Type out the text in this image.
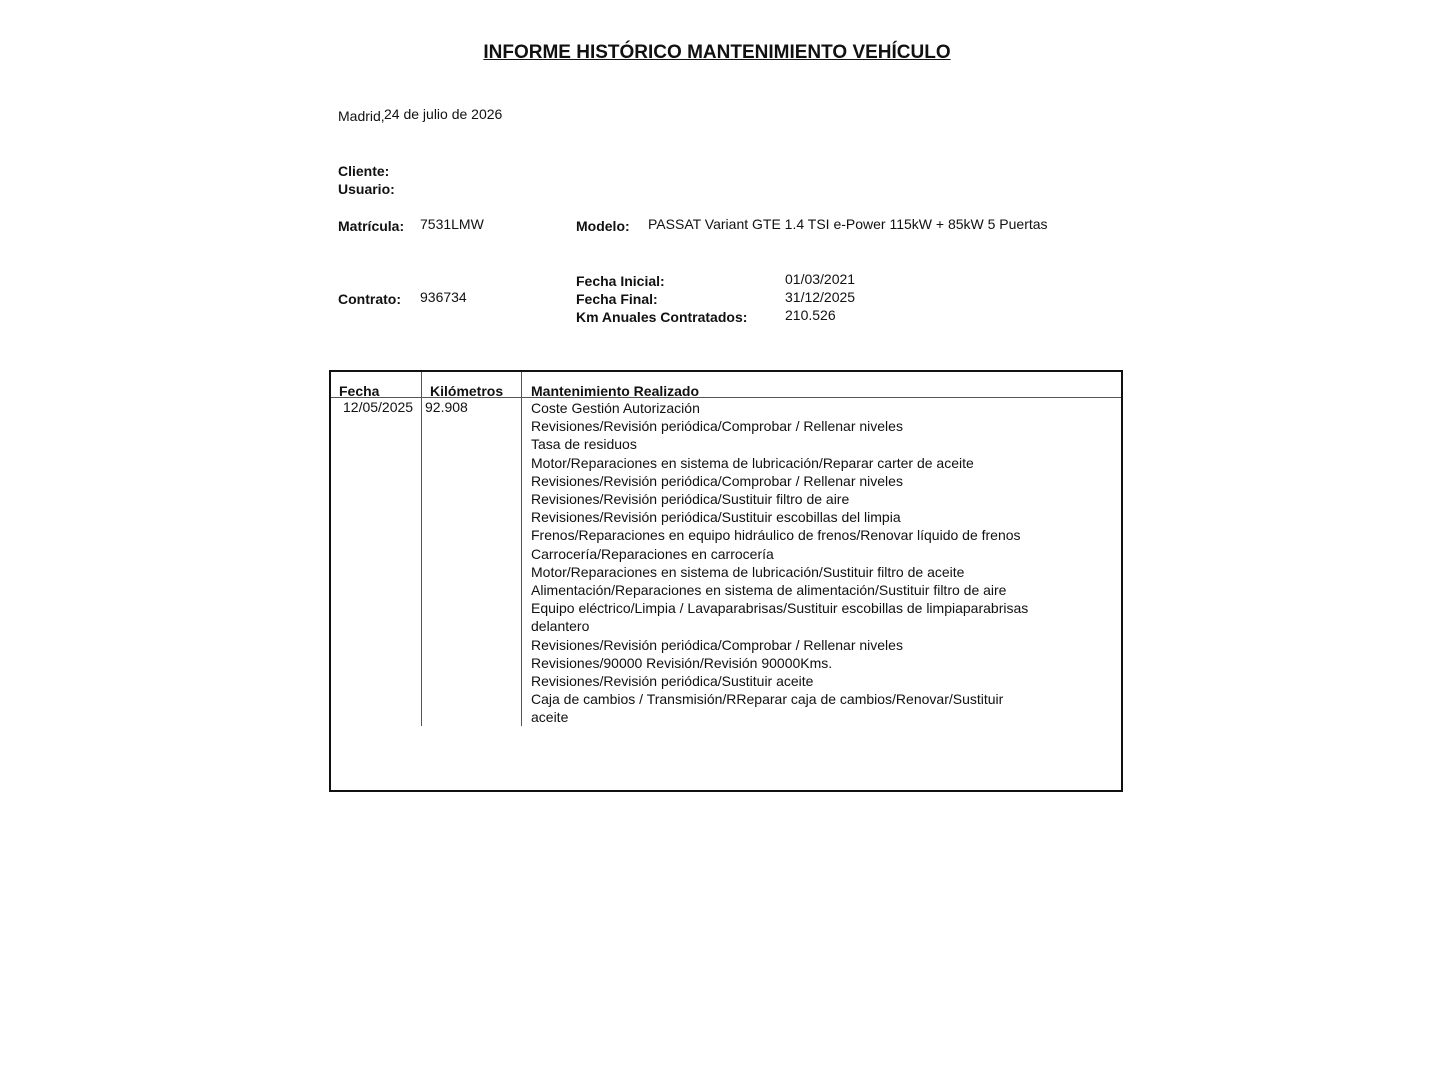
INFORME HISTÓRICO MANTENIMIENTO VEHÍCULO
Madrid, 24 de julio de 2026
Cliente:
Usuario:
Matrícula: 7531LMW	Modelo: PASSAT Variant GTE 1.4 TSI e-Power 115kW + 85kW 5 Puertas
Contrato: 936734
Fecha Inicial:	01/03/2021
Fecha Final:	31/12/2025
Km Anuales Contratados:	210.526
Fecha	Kilómetros Mantenimiento Realizado
12/05/2025 92.908	Coste Gestión Autorización
Revisiones/Revisión periódica/Comprobar / Rellenar niveles
Tasa de residuos
Motor/Reparaciones en sistema de lubricación/Reparar carter de aceite
Revisiones/Revisión periódica/Comprobar / Rellenar niveles
Revisiones/Revisión periódica/Sustituir filtro de aire
Revisiones/Revisión periódica/Sustituir escobillas del limpia
Frenos/Reparaciones en equipo hidráulico de frenos/Renovar líquido de frenos
Carrocería/Reparaciones en carrocería
Motor/Reparaciones en sistema de lubricación/Sustituir filtro de aceite
Alimentación/Reparaciones en sistema de alimentación/Sustituir filtro de aire
Equipo eléctrico/Limpia / Lavaparabrisas/Sustituir escobillas de limpiaparabrisas delantero
Revisiones/Revisión periódica/Comprobar / Rellenar niveles
Revisiones/90000 Revisión/Revisión 90000Kms.
Revisiones/Revisión periódica/Sustituir aceite
Caja de cambios / Transmisión/RReparar caja de cambios/Renovar/Sustituir aceite
